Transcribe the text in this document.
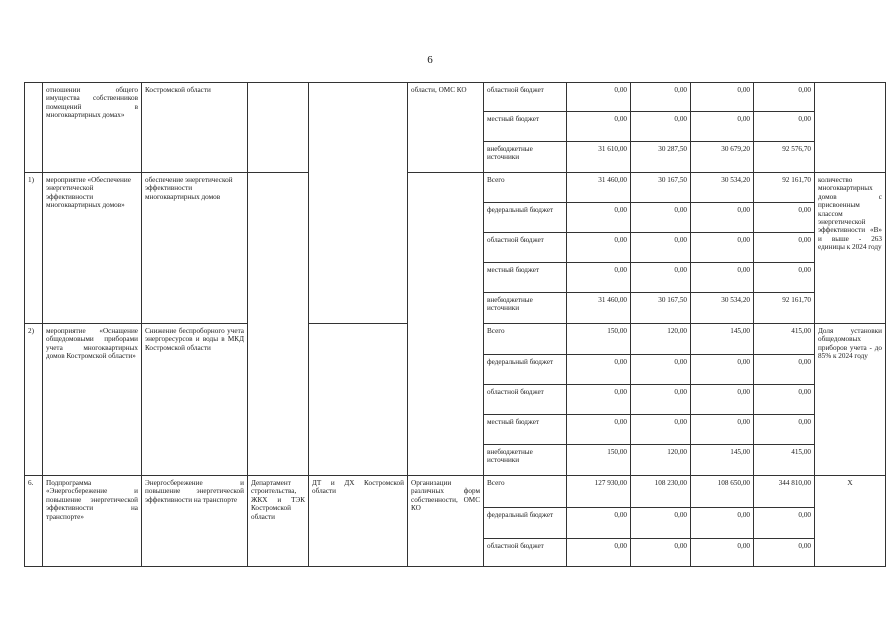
6
	отношении общего имущества собственников помещений в многоквартирных домах»	Костромской области			области, ОМС КО	областной бюджет	0,00	0,00	0,00	0,00	
						местный бюджет	0,00	0,00	0,00	0,00	
						внебюджетные источники	31 610,00	30 287,50	30 679,20	92 576,70	
1)	мероприятие «Обеспечение энергетической эффективности многоквартирных домов»	обеспечение энергетической эффективности многоквартирных домов				Всего	31 460,00	30 167,50	30 534,20	92 161,70	количество многоквартирных домов с присвоенным классом энергетической эффективности «В» и выше - 263 единицы к 2024 году
						федеральный бюджет	0,00	0,00	0,00	0,00	
						областной бюджет	0,00	0,00	0,00	0,00	
						местный бюджет	0,00	0,00	0,00	0,00	
						внебюджетные источники	31 460,00	30 167,50	30 534,20	92 161,70	
2)	мероприятие «Оснащение общедомовыми приборами учета многоквартирных домов Костромской области»	Снижение беспроборного учета энергоресурсов и воды в МКД Костромской области				Всего	150,00	120,00	145,00	415,00	Доля установки общедомовых приборов учета - до 85% к 2024 году
						федеральный бюджет	0,00	0,00	0,00	0,00	
						областной бюджет	0,00	0,00	0,00	0,00	
						местный бюджет	0,00	0,00	0,00	0,00	
						внебюджетные источники	150,00	120,00	145,00	415,00	
6.	Подпрограмма «Энергосбережение и повышение энергетической эффективности на транспорте»	Энергосбережение и повышение энергетической эффективности на транспорте	Департамент строительства, ЖКХ и ТЭК Костромской области	ДТ и ДХ Костромской области	Организации различных форм собственности, ОМС КО	Всего	127 930,00	108 230,00	108 650,00	344 810,00	Х
						федеральный бюджет	0,00	0,00	0,00	0,00	
						областной бюджет	0,00	0,00	0,00	0,00	
